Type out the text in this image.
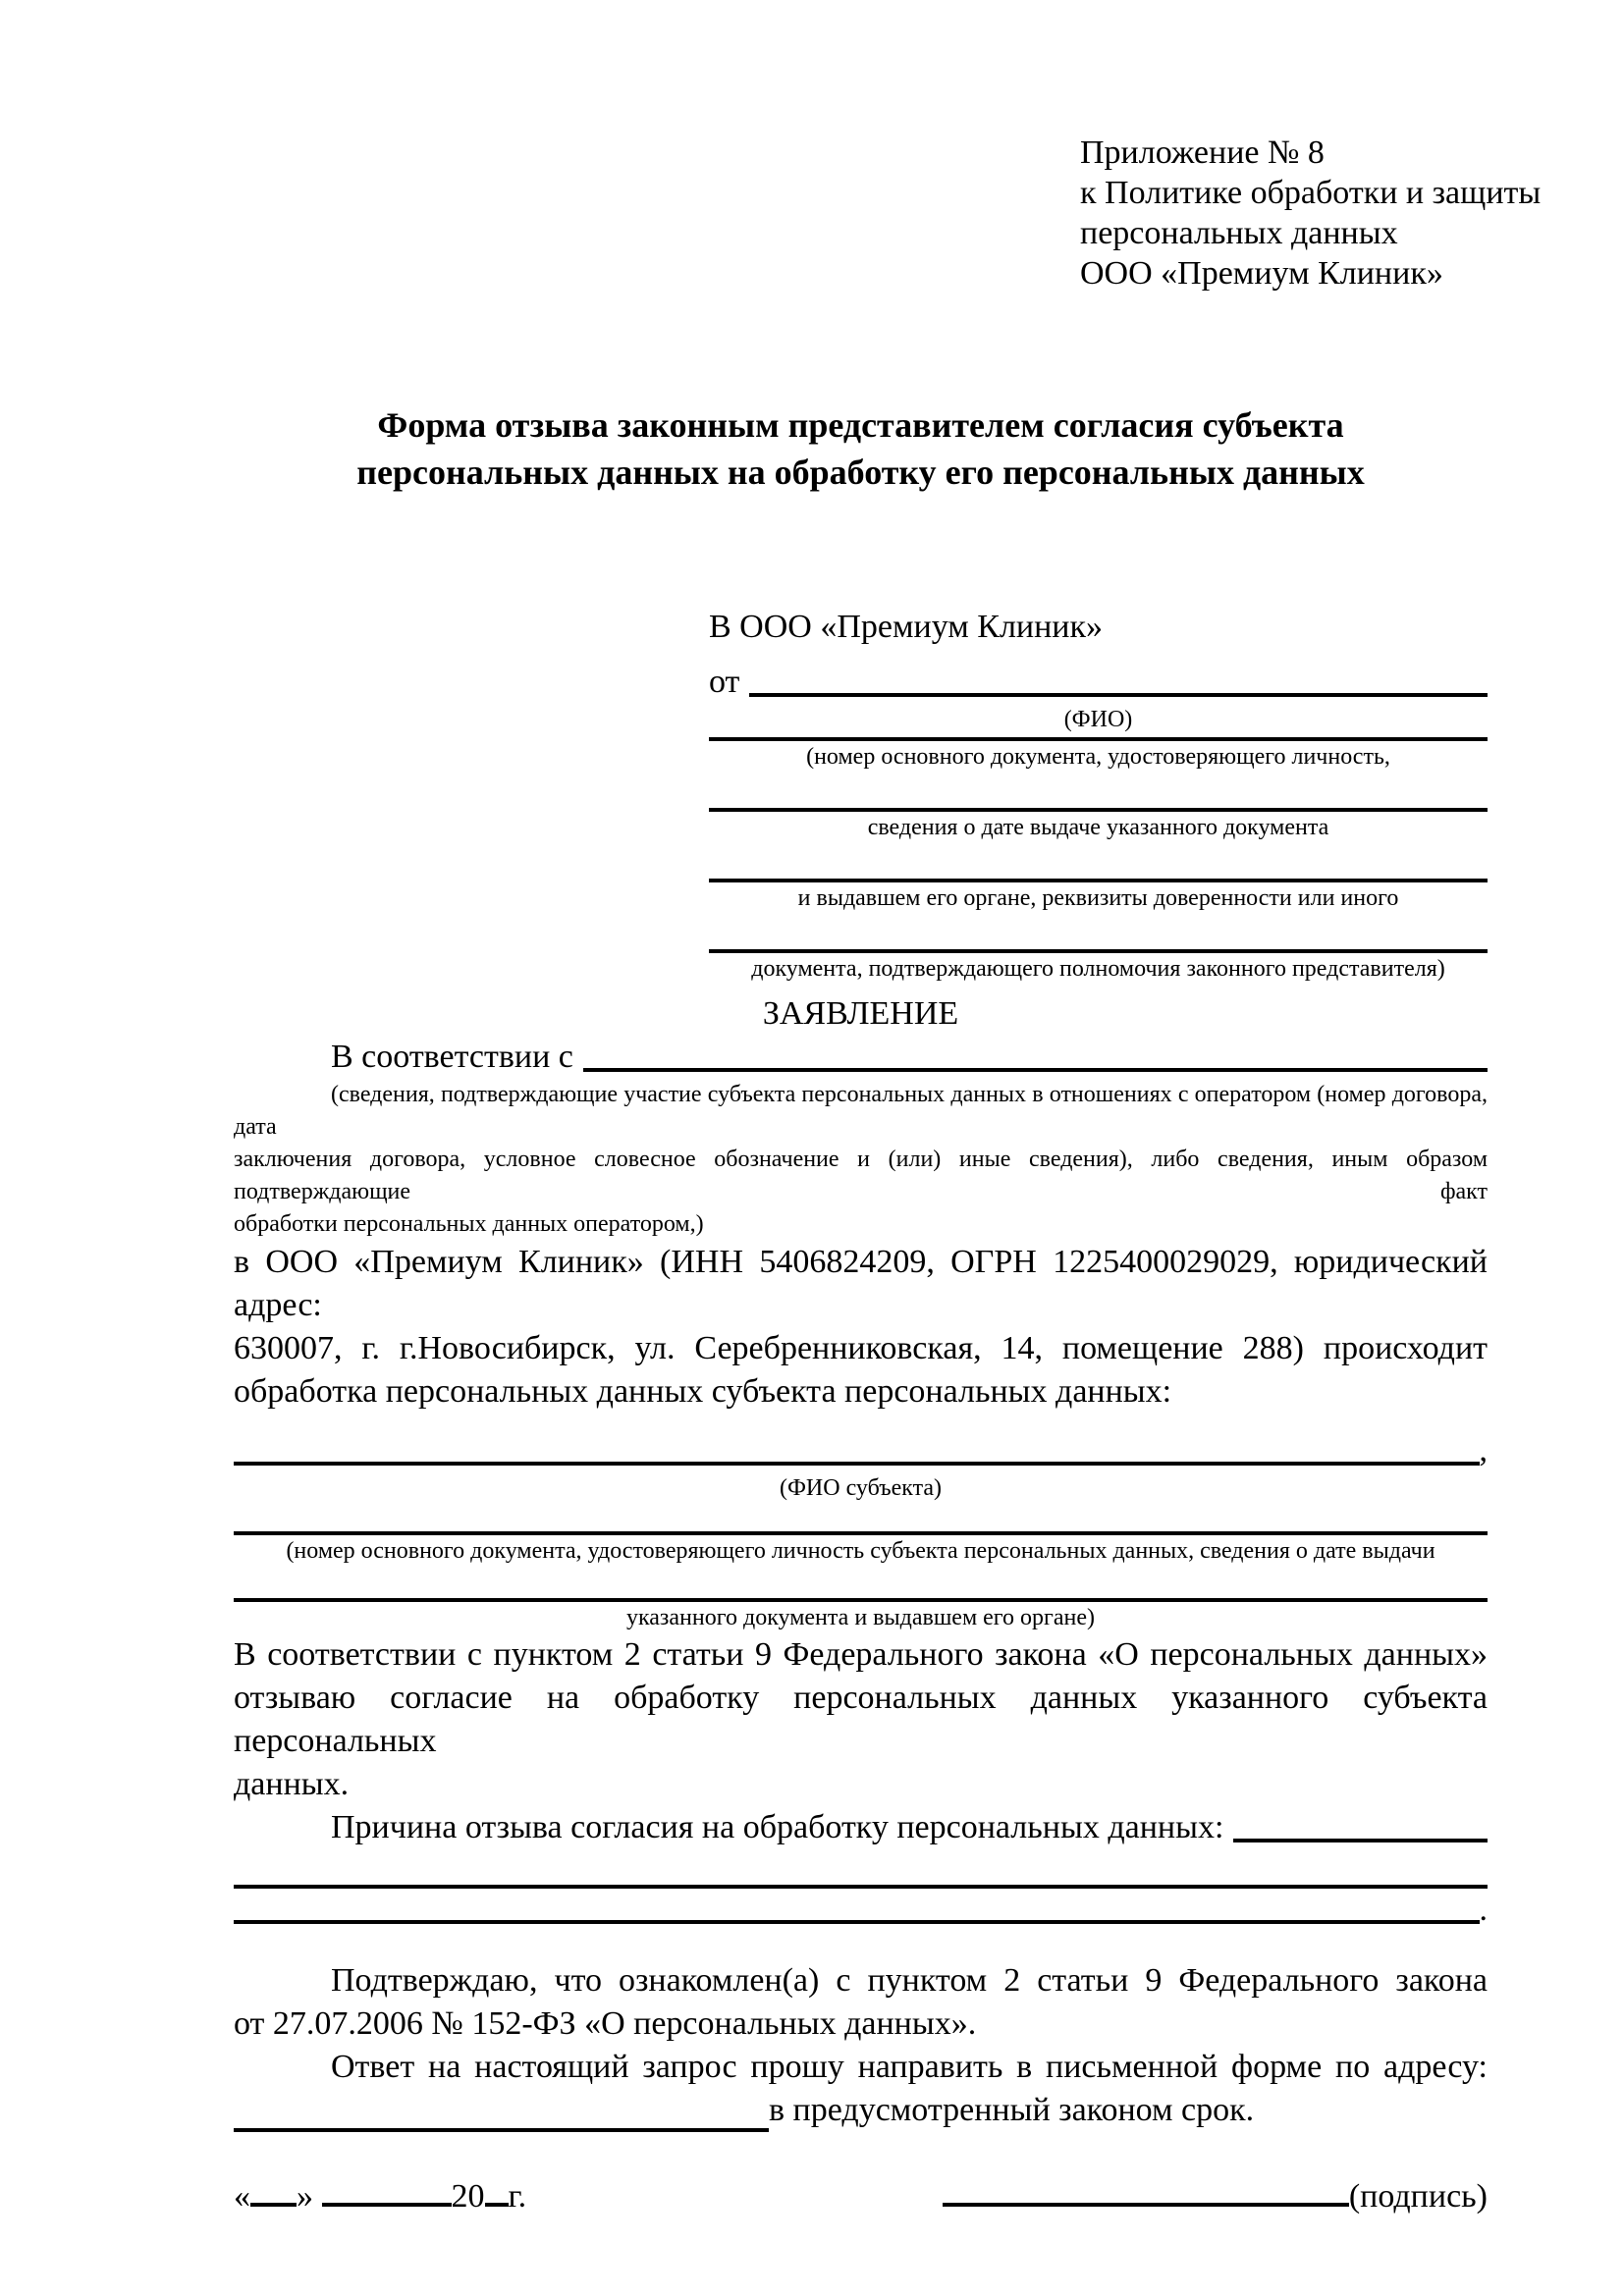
Приложение № 8
к Политике обработки и защиты
персональных данных
ООО «Премиум Клиник»
Форма отзыва законным представителем согласия субъекта
персональных данных на обработку его персональных данных
В ООО «Премиум Клиник»
от
(ФИО)
(номер основного документа, удостоверяющего личность,
сведения о дате выдаче указанного документа
и выдавшем его органе, реквизиты доверенности или иного
документа, подтверждающего полномочия законного представителя)
ЗАЯВЛЕНИЕ
В соответствии с
(сведения, подтверждающие участие субъекта персональных данных в отношениях с оператором (номер договора, дата
заключения договора, условное словесное обозначение и (или) иные сведения), либо сведения, иным образом подтверждающие факт
обработки персональных данных оператором,)
в ООО «Премиум Клиник» (ИНН 5406824209, ОГРН 1225400029029, юридический адрес:
630007, г. г.Новосибирск, ул. Серебренниковская, 14, помещение 288) происходит
обработка персональных данных субъекта персональных данных:
,
(ФИО субъекта)
(номер основного документа, удостоверяющего личность субъекта персональных данных, сведения о дате выдачи
указанного документа и выдавшем его органе)
В соответствии с пунктом 2 статьи 9 Федерального закона «О персональных данных»
отзываю согласие на обработку персональных данных указанного субъекта персональных
данных.
Причина отзыва согласия на обработку персональных данных:
.
Подтверждаю, что ознакомлен(а) с пунктом 2 статьи 9 Федерального закона
от 27.07.2006 № 152-ФЗ «О персональных данных».
Ответ на настоящий запрос прошу направить в письменной форме по адресу:
в предусмотренный законом срок.
« »	20 г.	(подпись)
